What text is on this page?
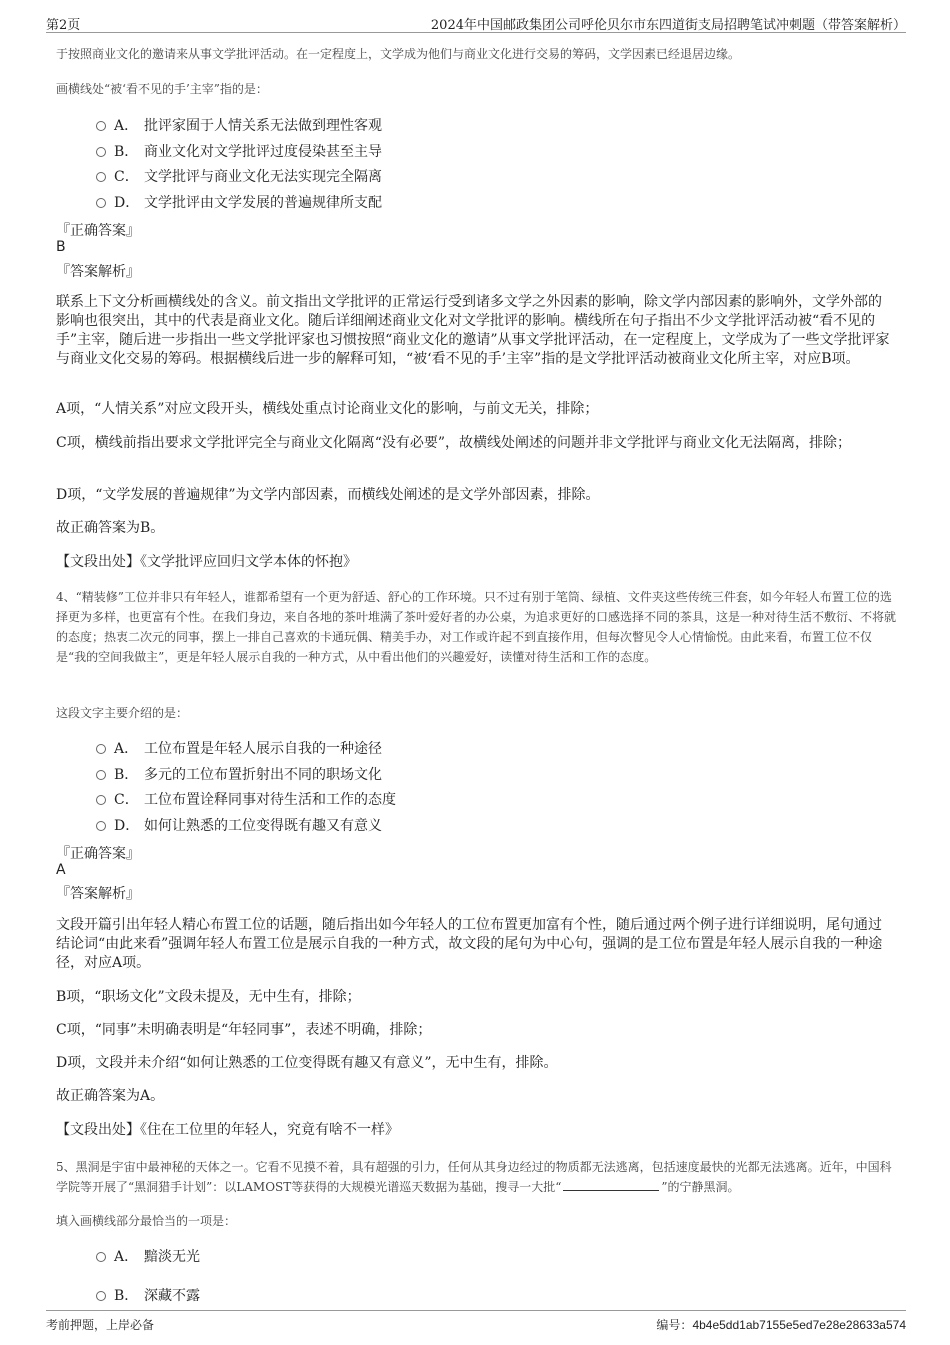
第2页	2024年中国邮政集团公司呼伦贝尔市东四道街支局招聘笔试冲刺题（带答案解析）
于按照商业文化的邀请来从事文学批评活动。在一定程度上，文学成为他们与商业文化进行交易的筹码，文学因素已经退居边缘。
画横线处“被‘看不见的手’主宰”指的是：
A． 批评家囿于人情关系无法做到理性客观
B． 商业文化对文学批评过度侵染甚至主导
C． 文学批评与商业文化无法实现完全隔离
D． 文学批评由文学发展的普遍规律所支配
『正确答案』
B
『答案解析』
联系上下文分析画横线处的含义。前文指出文学批评的正常运行受到诸多文学之外因素的影响，除文学内部因素的影响外，文学外部的影响也很突出，其中的代表是商业文化。随后详细阐述商业文化对文学批评的影响。横线所在句子指出不少文学批评活动被“看不见的手”主宰，随后进一步指出一些文学批评家也习惯按照“商业文化的邀请”从事文学批评活动，在一定程度上，文学成为了一些文学批评家与商业文化交易的筹码。根据横线后进一步的解释可知，“被‘看不见的手’主宰”指的是文学批评活动被商业文化所主宰，对应B项。
A项，“人情关系”对应文段开头，横线处重点讨论商业文化的影响，与前文无关，排除；
C项，横线前指出要求文学批评完全与商业文化隔离“没有必要”，故横线处阐述的问题并非文学批评与商业文化无法隔离，排除；
D项，“文学发展的普遍规律”为文学内部因素，而横线处阐述的是文学外部因素，排除。
故正确答案为B。
【文段出处】《文学批评应回归文学本体的怀抱》
4、“精装修”工位并非只有年轻人，谁都希望有一个更为舒适、舒心的工作环境。只不过有别于笔筒、绿植、文件夹这些传统三件套，如今年轻人布置工位的选择更为多样，也更富有个性。在我们身边，来自各地的茶叶堆满了茶叶爱好者的办公桌，为追求更好的口感选择不同的茶具，这是一种对待生活不敷衍、不将就的态度；热衷二次元的同事，摆上一排自己喜欢的卡通玩偶、精美手办，对工作或许起不到直接作用，但每次瞥见令人心情愉悦。由此来看，布置工位不仅是“我的空间我做主”，更是年轻人展示自我的一种方式，从中看出他们的兴趣爱好，读懂对待生活和工作的态度。
这段文字主要介绍的是：
A． 工位布置是年轻人展示自我的一种途径
B． 多元的工位布置折射出不同的职场文化
C． 工位布置诠释同事对待生活和工作的态度
D． 如何让熟悉的工位变得既有趣又有意义
『正确答案』
A
『答案解析』
文段开篇引出年轻人精心布置工位的话题，随后指出如今年轻人的工位布置更加富有个性，随后通过两个例子进行详细说明，尾句通过结论词“由此来看”强调年轻人布置工位是展示自我的一种方式，故文段的尾句为中心句，强调的是工位布置是年轻人展示自我的一种途径，对应A项。
B项，“职场文化”文段未提及，无中生有，排除；
C项，“同事”未明确表明是“年轻同事”，表述不明确，排除；
D项，文段并未介绍“如何让熟悉的工位变得既有趣又有意义”，无中生有，排除。
故正确答案为A。
【文段出处】《住在工位里的年轻人，究竟有啥不一样》
5、黑洞是宇宙中最神秘的天体之一。它看不见摸不着，具有超强的引力，任何从其身边经过的物质都无法逃离，包括速度最快的光都无法逃离。近年，中国科学院等开展了“黑洞猎手计划”：以LAMOST等获得的大规模光谱巡天数据为基础，搜寻一大批“	”的宁静黑洞。
填入画横线部分最恰当的一项是：
A． 黯淡无光
B． 深藏不露
考前押题，上岸必备	编号：4b4e5dd1ab7155e5ed7e28e28633a574
